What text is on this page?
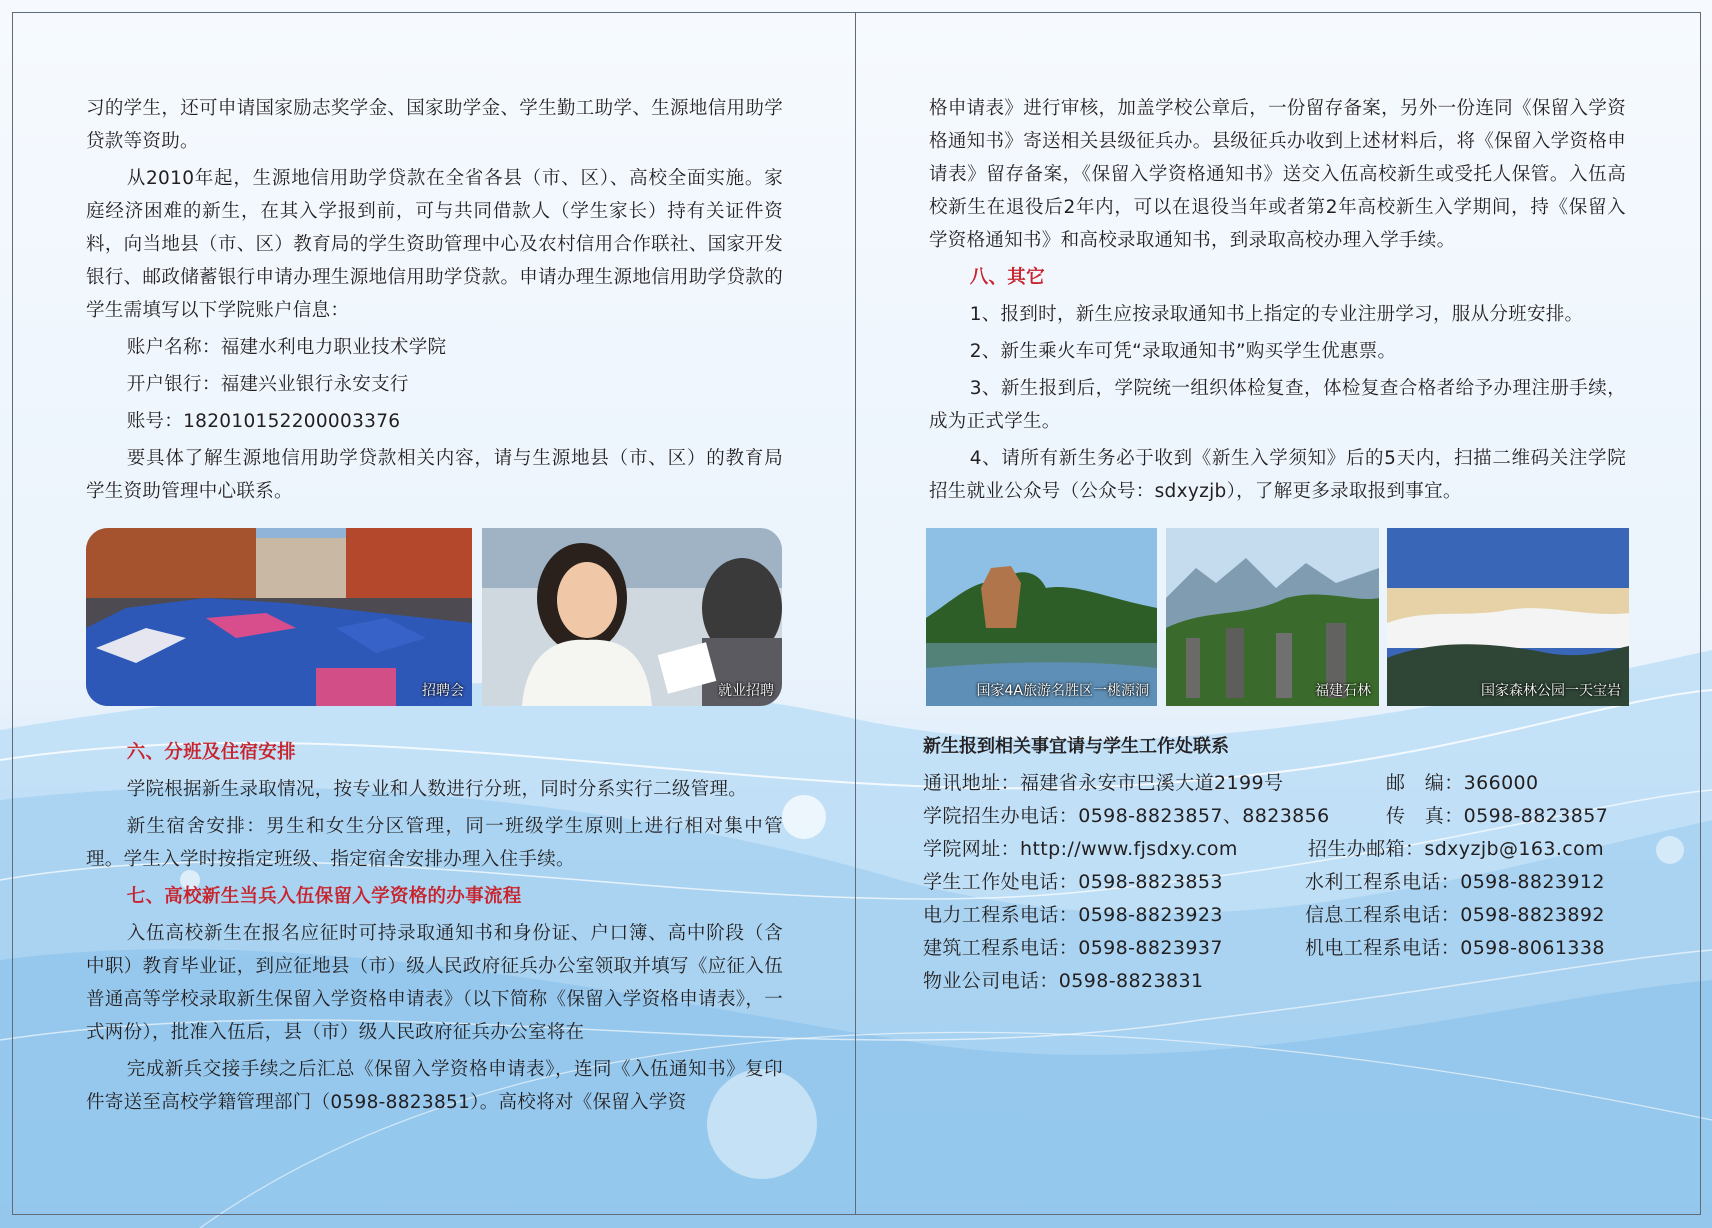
习的学生，还可申请国家励志奖学金、国家助学金、学生勤工助学、生源地信用助学贷款等资助。

从2010年起，生源地信用助学贷款在全省各县（市、区）、高校全面实施。家庭经济困难的新生，在其入学报到前，可与共同借款人（学生家长）持有关证件资料，向当地县（市、区）教育局的学生资助管理中心及农村信用合作联社、国家开发银行、邮政储蓄银行申请办理生源地信用助学贷款。申请办理生源地信用助学贷款的学生需填写以下学院账户信息：

账户名称：福建水利电力职业技术学院

开户银行：福建兴业银行永安支行

账号：182010152200003376

要具体了解生源地信用助学贷款相关内容，请与生源地县（市、区）的教育局学生资助管理中心联系。

招聘会	就业招聘
六、分班及住宿安排

学院根据新生录取情况，按专业和人数进行分班，同时分系实行二级管理。

新生宿舍安排：男生和女生分区管理，同一班级学生原则上进行相对集中管理。学生入学时按指定班级、指定宿舍安排办理入住手续。

七、高校新生当兵入伍保留入学资格的办事流程

入伍高校新生在报名应征时可持录取通知书和身份证、户口簿、高中阶段（含中职）教育毕业证，到应征地县（市）级人民政府征兵办公室领取并填写《应征入伍普通高等学校录取新生保留入学资格申请表》（以下简称《保留入学资格申请表》，一式两份），批准入伍后，县（市）级人民政府征兵办公室将在

完成新兵交接手续之后汇总《保留入学资格申请表》，连同《入伍通知书》复印件寄送至高校学籍管理部门（0598-8823851）。高校将对《保留入学资

格申请表》进行审核，加盖学校公章后，一份留存备案，另外一份连同《保留入学资格通知书》寄送相关县级征兵办。县级征兵办收到上述材料后，将《保留入学资格申请表》留存备案，《保留入学资格通知书》送交入伍高校新生或受托人保管。入伍高校新生在退役后2年内，可以在退役当年或者第2年高校新生入学期间，持《保留入学资格通知书》和高校录取通知书，到录取高校办理入学手续。

八、其它

1、报到时，新生应按录取通知书上指定的专业注册学习，服从分班安排。

2、新生乘火车可凭“录取通知书”购买学生优惠票。

3、新生报到后，学院统一组织体检复查，体检复查合格者给予办理注册手续，成为正式学生。

4、请所有新生务必于收到《新生入学须知》后的5天内，扫描二维码关注学院招生就业公众号（公众号：sdxyzjb），了解更多录取报到事宜。

国家4A旅游名胜区一桃源洞	福建石林	国家森林公园一天宝岩
新生报到相关事宜请与学生工作处联系
通讯地址：福建省永安市巴溪大道2199号	邮　编：366000
学院招生办电话：0598-8823857、8823856	传　真：0598-8823857
学院网址：http://www.fjsdxy.com	招生办邮箱：sdxyzjb@163.com
学生工作处电话：0598-8823853	水利工程系电话：0598-8823912
电力工程系电话：0598-8823923	信息工程系电话：0598-8823892
建筑工程系电话：0598-8823937	机电工程系电话：0598-8061338
物业公司电话：0598-8823831
